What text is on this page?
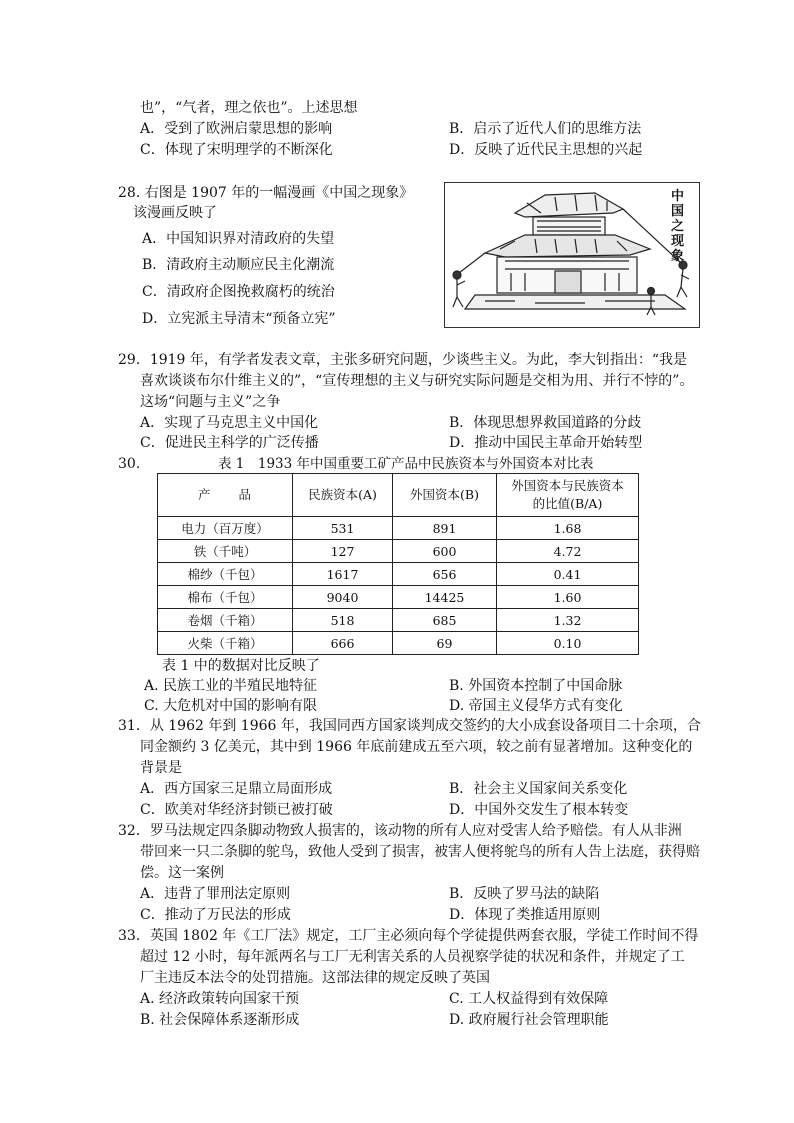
也”，“气者，理之依也”。上述思想
A．受到了欧洲启蒙思想的影响	B．启示了近代人们的思维方法
C．体现了宋明理学的不断深化	D．反映了近代民主思想的兴起
28. 右图是 1907 年的一幅漫画《中国之现象》
该漫画反映了
A．中国知识界对清政府的失望
B．清政府主动顺应民主化潮流
C．清政府企图挽救腐朽的统治
D．立宪派主导清末“预备立宪”
中国之现象
29．1919 年，有学者发表文章，主张多研究问题，少谈些主义。为此，李大钊指出：“我是
喜欢谈谈布尔什维主义的”，“宣传理想的主义与研究实际问题是交相为用、并行不悖的”。
这场“问题与主义”之争
A．实现了马克思主义中国化	B．体现思想界救国道路的分歧
C．促进民主科学的广泛传播	D．推动中国民主革命开始转型
30.	表 1　1933 年中国重要工矿产品中民族资本与外国资本对比表
产　　品	民族资本(A)	外国资本(B)	外国资本与民族资本
的比值(B/A)

电力（百万度）	531	891	1.68
铁（千吨）	127	600	4.72
棉纱（千包）	1617	656	0.41
棉布（千包）	9040	14425	1.60
卷烟（千箱）	518	685	1.32
火柴（千箱）	666	69	0.10
表 1 中的数据对比反映了
A. 民族工业的半殖民地特征	B. 外国资本控制了中国命脉
C. 大危机对中国的影响有限	D. 帝国主义侵华方式有变化
31．从 1962 年到 1966 年，我国同西方国家谈判成交签约的大小成套设备项目二十余项，合
同金额约 3 亿美元，其中到 1966 年底前建成五至六项，较之前有显著增加。这种变化的
背景是
A．西方国家三足鼎立局面形成	B．社会主义国家间关系变化
C．欧美对华经济封锁已被打破	D．中国外交发生了根本转变
32．罗马法规定四条脚动物致人损害的，该动物的所有人应对受害人给予赔偿。有人从非洲
带回来一只二条脚的鸵鸟，致他人受到了损害，被害人便将鸵鸟的所有人告上法庭，获得赔
偿。这一案例
A．违背了罪刑法定原则	B．反映了罗马法的缺陷
C．推动了万民法的形成	D．体现了类推适用原则
33．英国 1802 年《工厂法》规定，工厂主必须向每个学徒提供两套衣服，学徒工作时间不得
超过 12 小时，每年派两名与工厂无利害关系的人员视察学徒的状况和条件，并规定了工
厂主违反本法令的处罚措施。这部法律的规定反映了英国
A. 经济政策转向国家干预	C. 工人权益得到有效保障
B. 社会保障体系逐渐形成	D. 政府履行社会管理职能
